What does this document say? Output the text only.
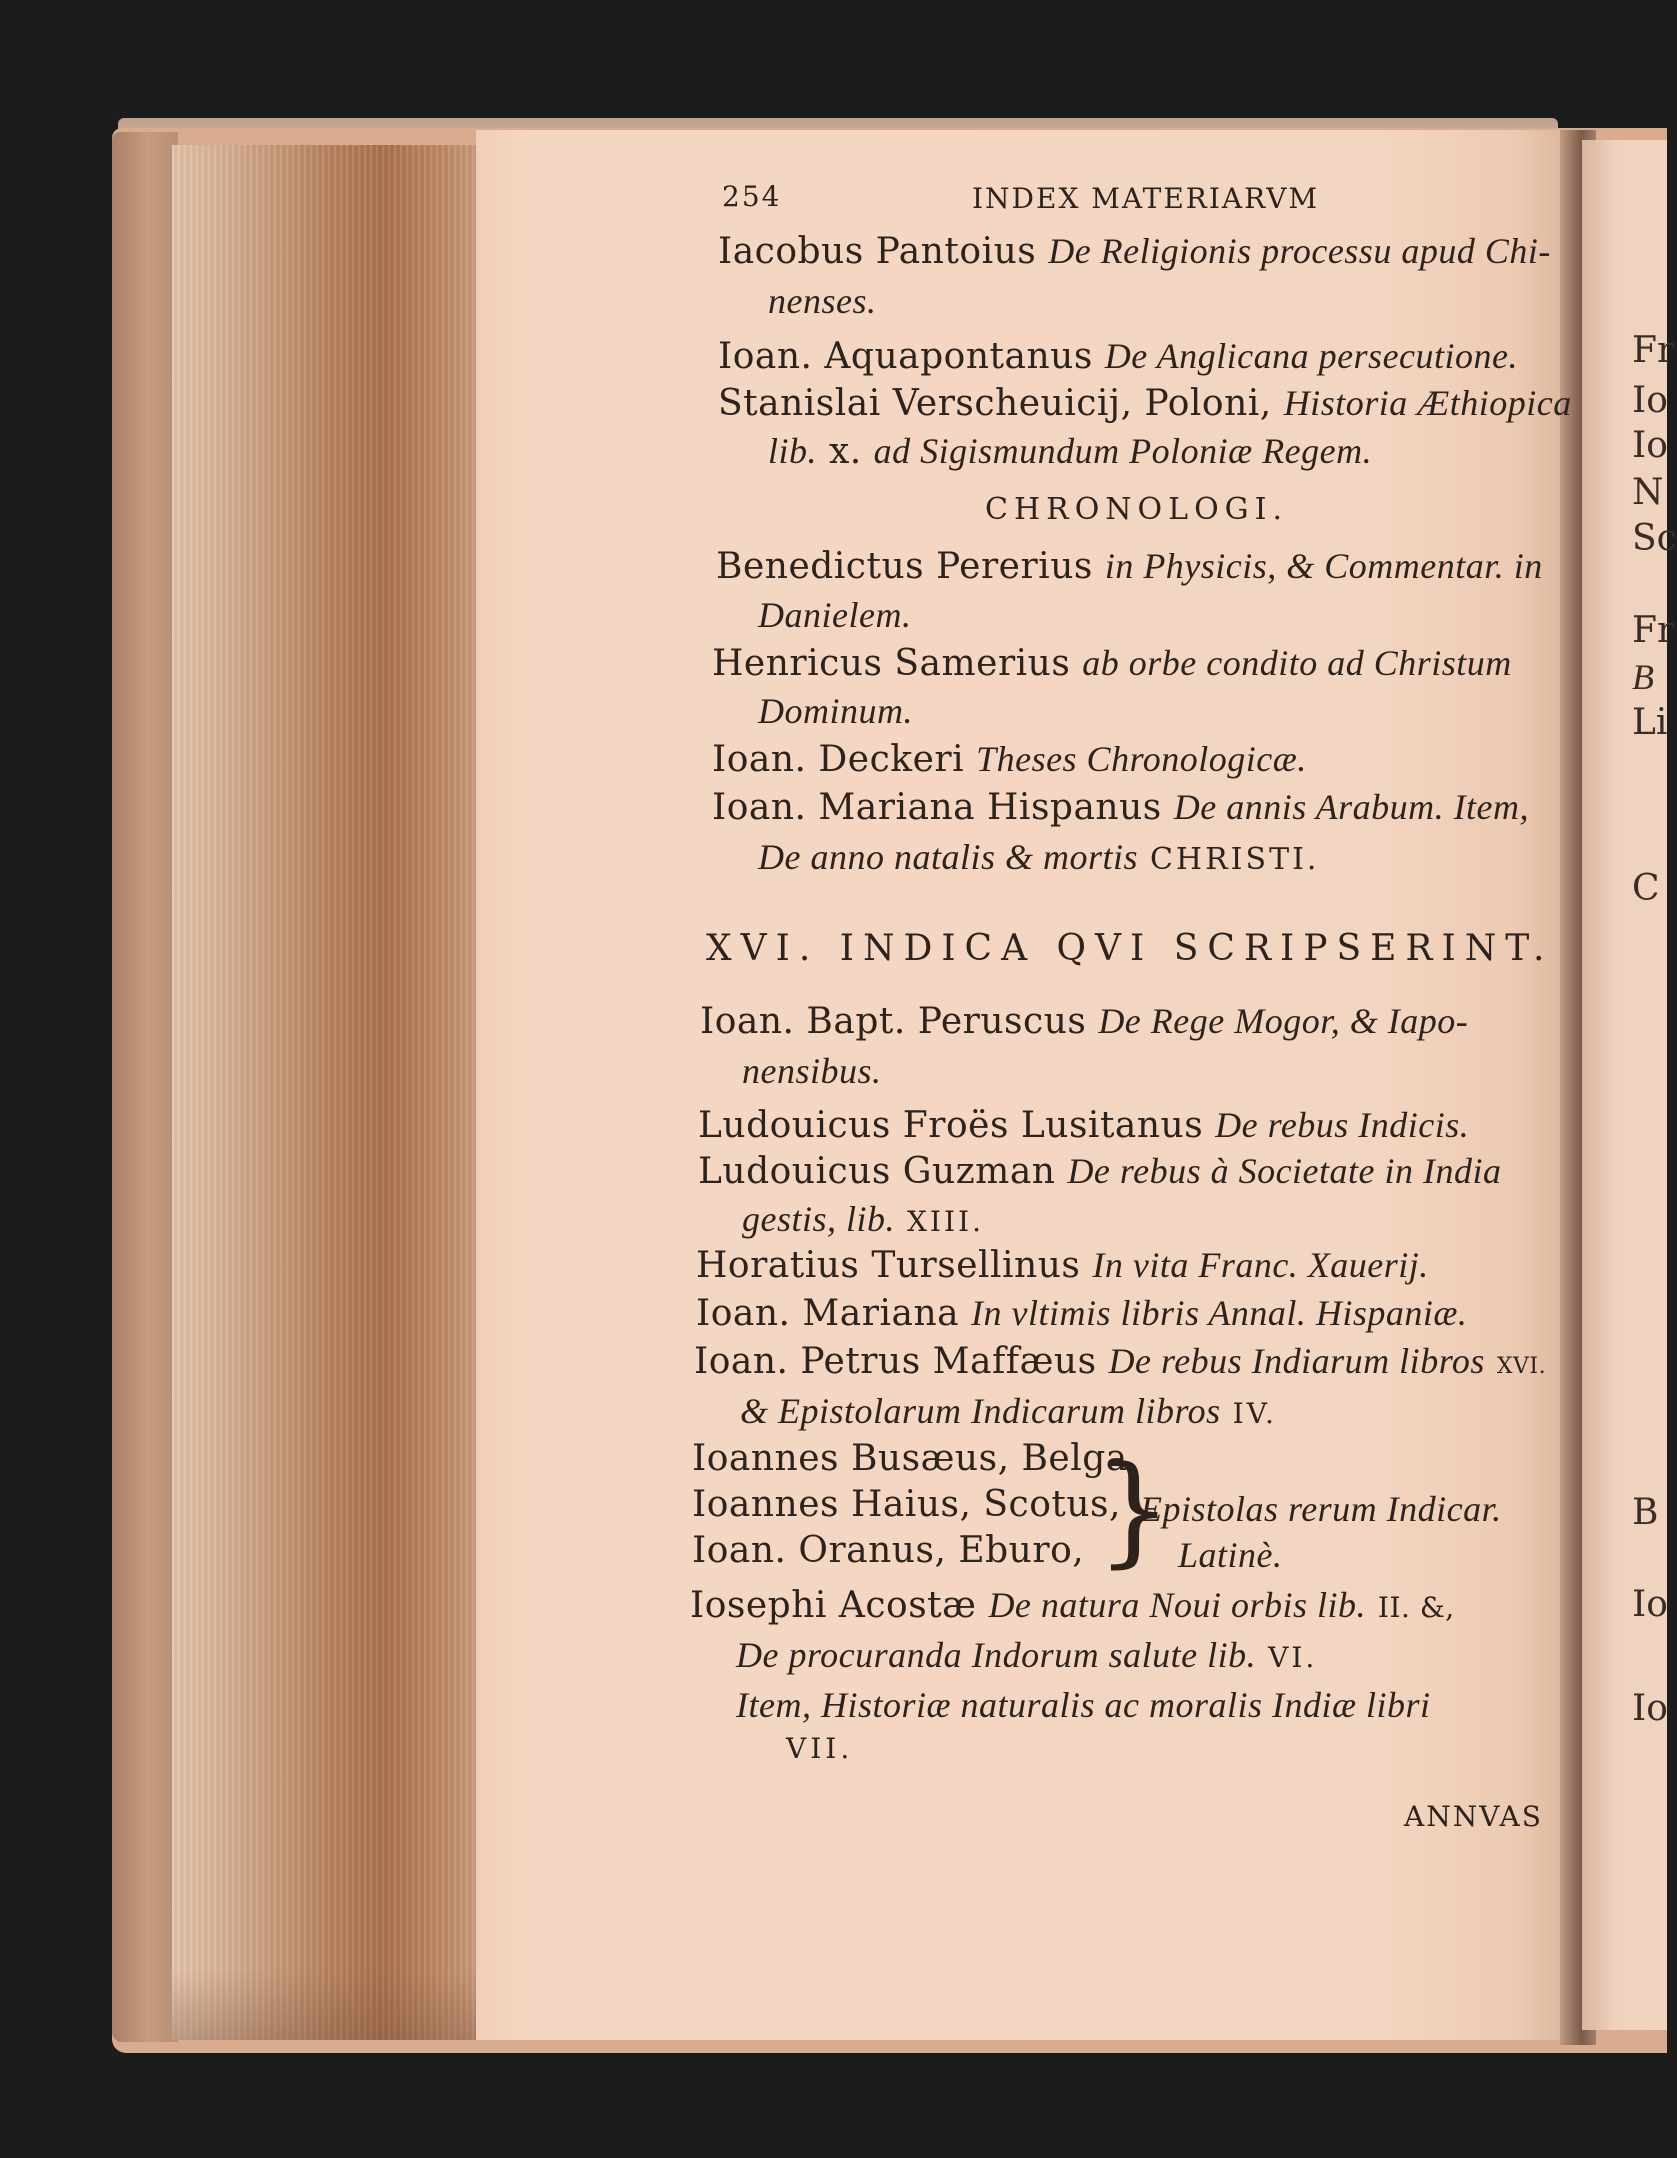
Fr
Io
Io
N
Sc
Fr
B
Li
C
B
Io
Io
254	INDEX MATERIARVM
Iacobus Pantoius De Religionis processu apud Chi-
nenses.
Ioan. Aquapontanus De Anglicana persecutione.
Stanislai Verscheuicij, Poloni, Historia Æthiopica
lib. x. ad Sigismundum Poloniæ Regem.
CHRONOLOGI.
Benedictus Pererius in Physicis, & Commentar. in
Danielem.
Henricus Samerius ab orbe condito ad Christum
Dominum.
Ioan. Deckeri Theses Chronologicæ.
Ioan. Mariana Hispanus De annis Arabum. Item,
De anno natalis & mortis CHRISTI.
XVI. INDICA QVI SCRIPSERINT.
Ioan. Bapt. Peruscus De Rege Mogor, & Iapo-
nensibus.
Ludouicus Froës Lusitanus De rebus Indicis.
Ludouicus Guzman De rebus à Societate in India
gestis, lib. XIII.
Horatius Tursellinus In vita Franc. Xauerij.
Ioan. Mariana In vltimis libris Annal. Hispaniæ.
Ioan. Petrus Maffæus De rebus Indiarum libros XVI.
& Epistolarum Indicarum libros IV.
Ioannes Busæus, Belga,
Ioannes Haius, Scotus,
Ioan. Oranus, Eburo, }
Epistolas rerum Indicar.
Latinè.
Iosephi Acostæ De natura Noui orbis lib. II. &,
De procuranda Indorum salute lib. VI.
Item, Historiæ naturalis ac moralis Indiæ libri
VII.
ANNVAS
